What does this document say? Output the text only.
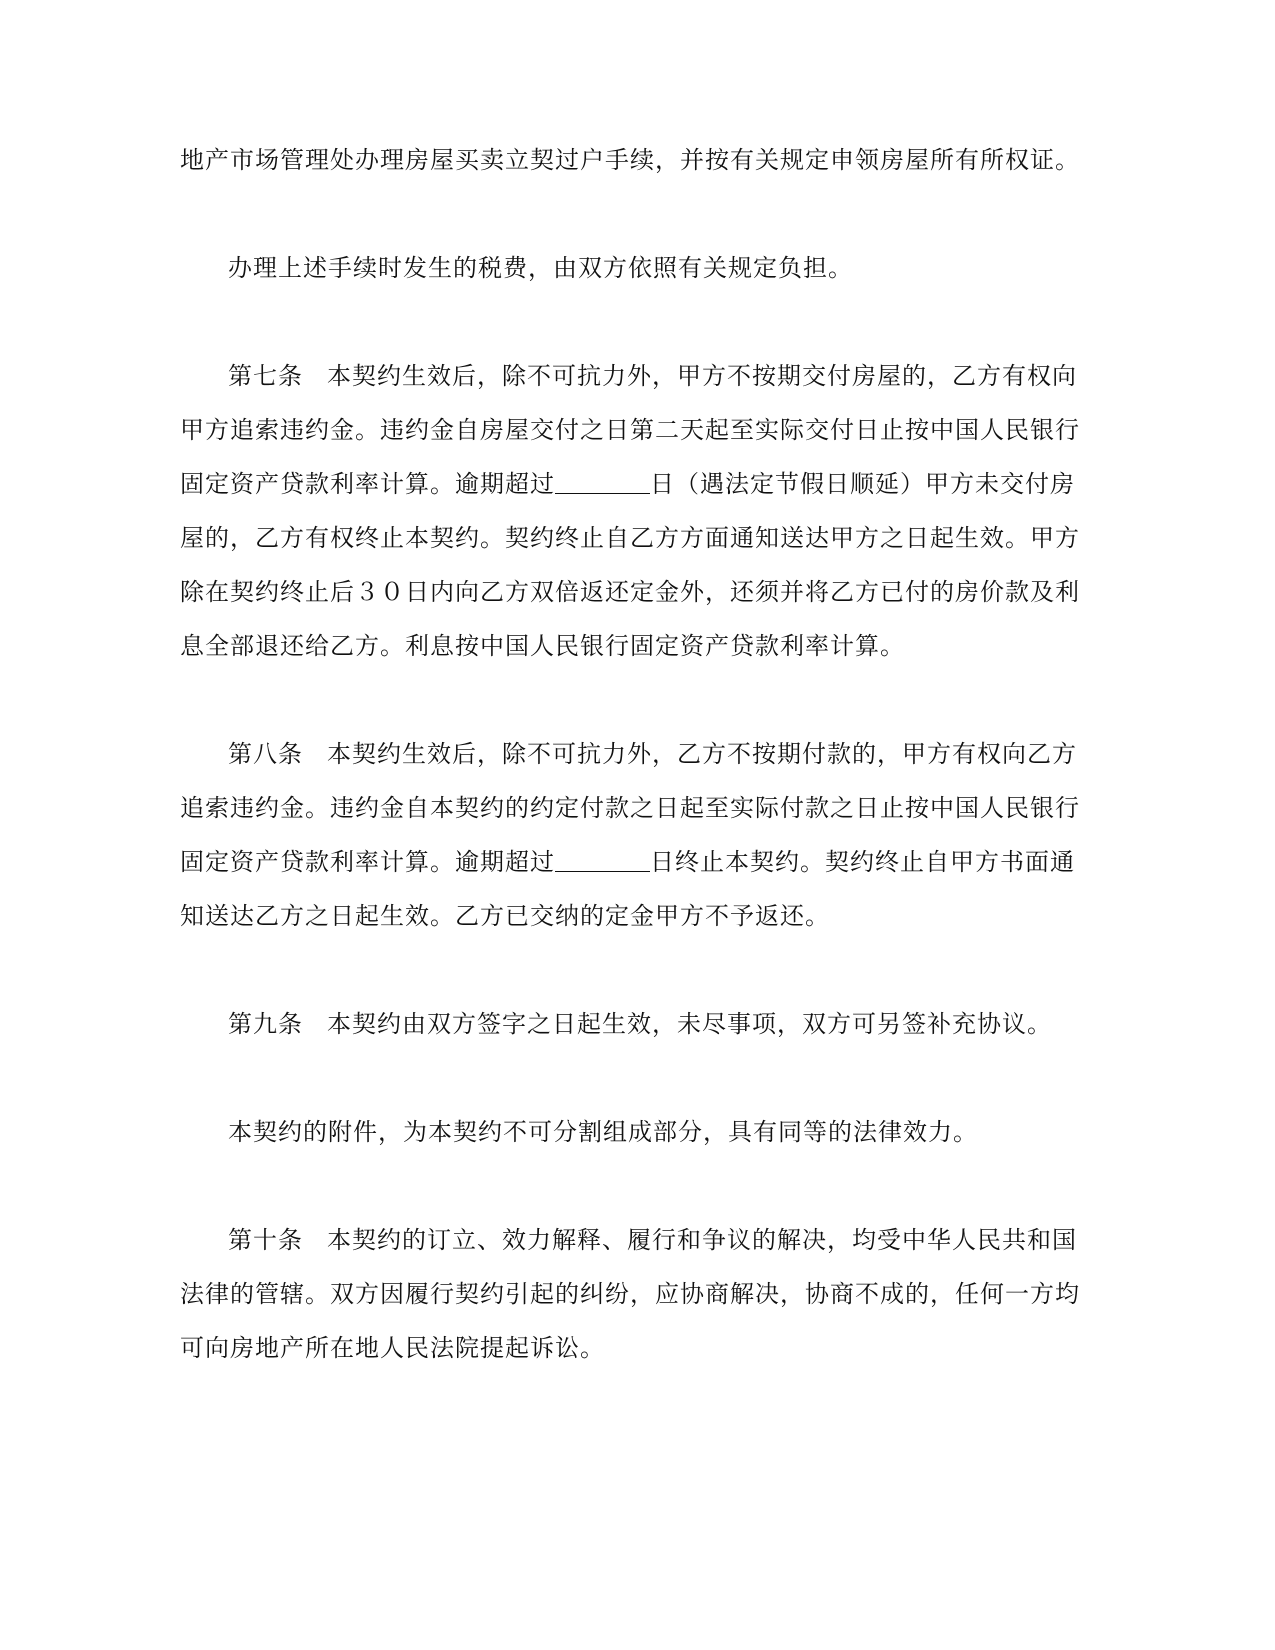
地产市场管理处办理房屋买卖立契过户手续，并按有关规定申领房屋所有所权证。

办理上述手续时发生的税费，由双方依照有关规定负担。

第七条 本契约生效后，除不可抗力外，甲方不按期交付房屋的，乙方有权向
甲方追索违约金。违约金自房屋交付之日第二天起至实际交付日止按中国人民银行
固定资产贷款利率计算。逾期超过	日（遇法定节假日顺延）甲方未交付房
屋的，乙方有权终止本契约。契约终止自乙方方面通知送达甲方之日起生效。甲方
除在契约终止后３０日内向乙方双倍返还定金外，还须并将乙方已付的房价款及利
息全部退还给乙方。利息按中国人民银行固定资产贷款利率计算。

第八条 本契约生效后，除不可抗力外，乙方不按期付款的，甲方有权向乙方
追索违约金。违约金自本契约的约定付款之日起至实际付款之日止按中国人民银行
固定资产贷款利率计算。逾期超过	日终止本契约。契约终止自甲方书面通
知送达乙方之日起生效。乙方已交纳的定金甲方不予返还。

第九条 本契约由双方签字之日起生效，未尽事项，双方可另签补充协议。

本契约的附件，为本契约不可分割组成部分，具有同等的法律效力。

第十条 本契约的订立、效力解释、履行和争议的解决，均受中华人民共和国
法律的管辖。双方因履行契约引起的纠纷，应协商解决，协商不成的，任何一方均
可向房地产所在地人民法院提起诉讼。
